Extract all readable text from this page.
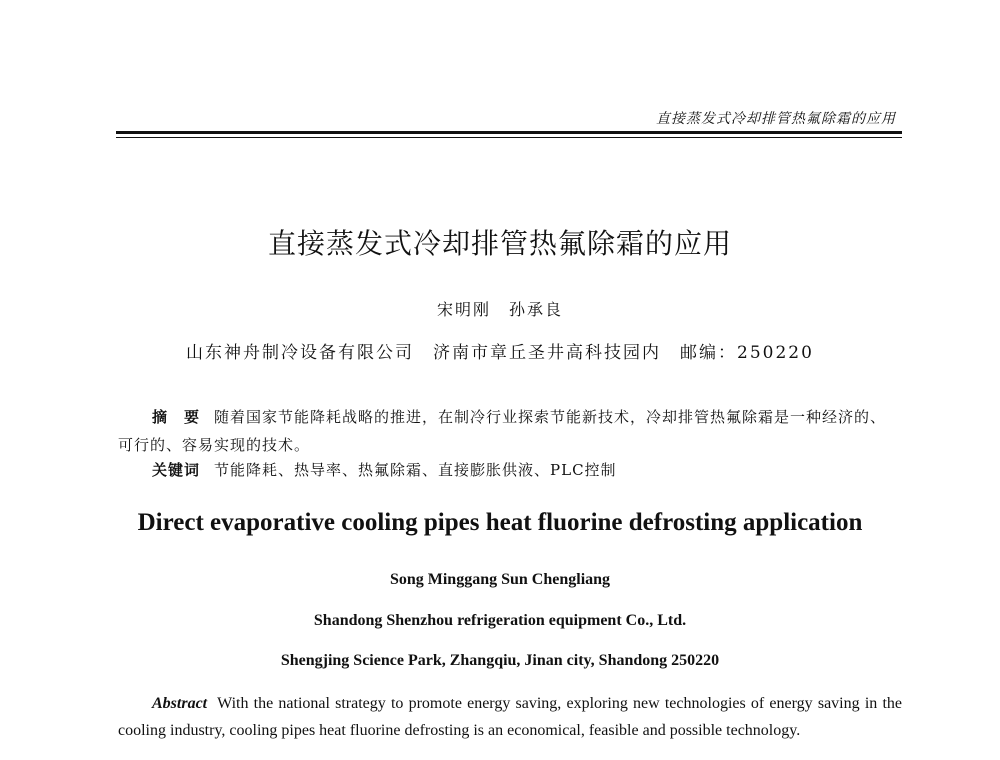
直接蒸发式冷却排管热氟除霜的应用
直接蒸发式冷却排管热氟除霜的应用
宋明刚　孙承良
山东神舟制冷设备有限公司　济南市章丘圣井高科技园内　邮编：250220
摘　要 随着国家节能降耗战略的推进，在制冷行业探索节能新技术，冷却排管热氟除霜是一种经济的、可行的、容易实现的技术。
关键词 节能降耗、热导率、热氟除霜、直接膨胀供液、PLC控制
Direct evaporative cooling pipes heat fluorine defrosting application
Song Minggang Sun Chengliang
Shandong Shenzhou refrigeration equipment Co., Ltd.
Shengjing Science Park, Zhangqiu, Jinan city, Shandong 250220
Abstract With the national strategy to promote energy saving, exploring new technologies of energy saving in the cooling industry, cooling pipes heat fluorine defrosting is an economical, feasible and possible technology.
